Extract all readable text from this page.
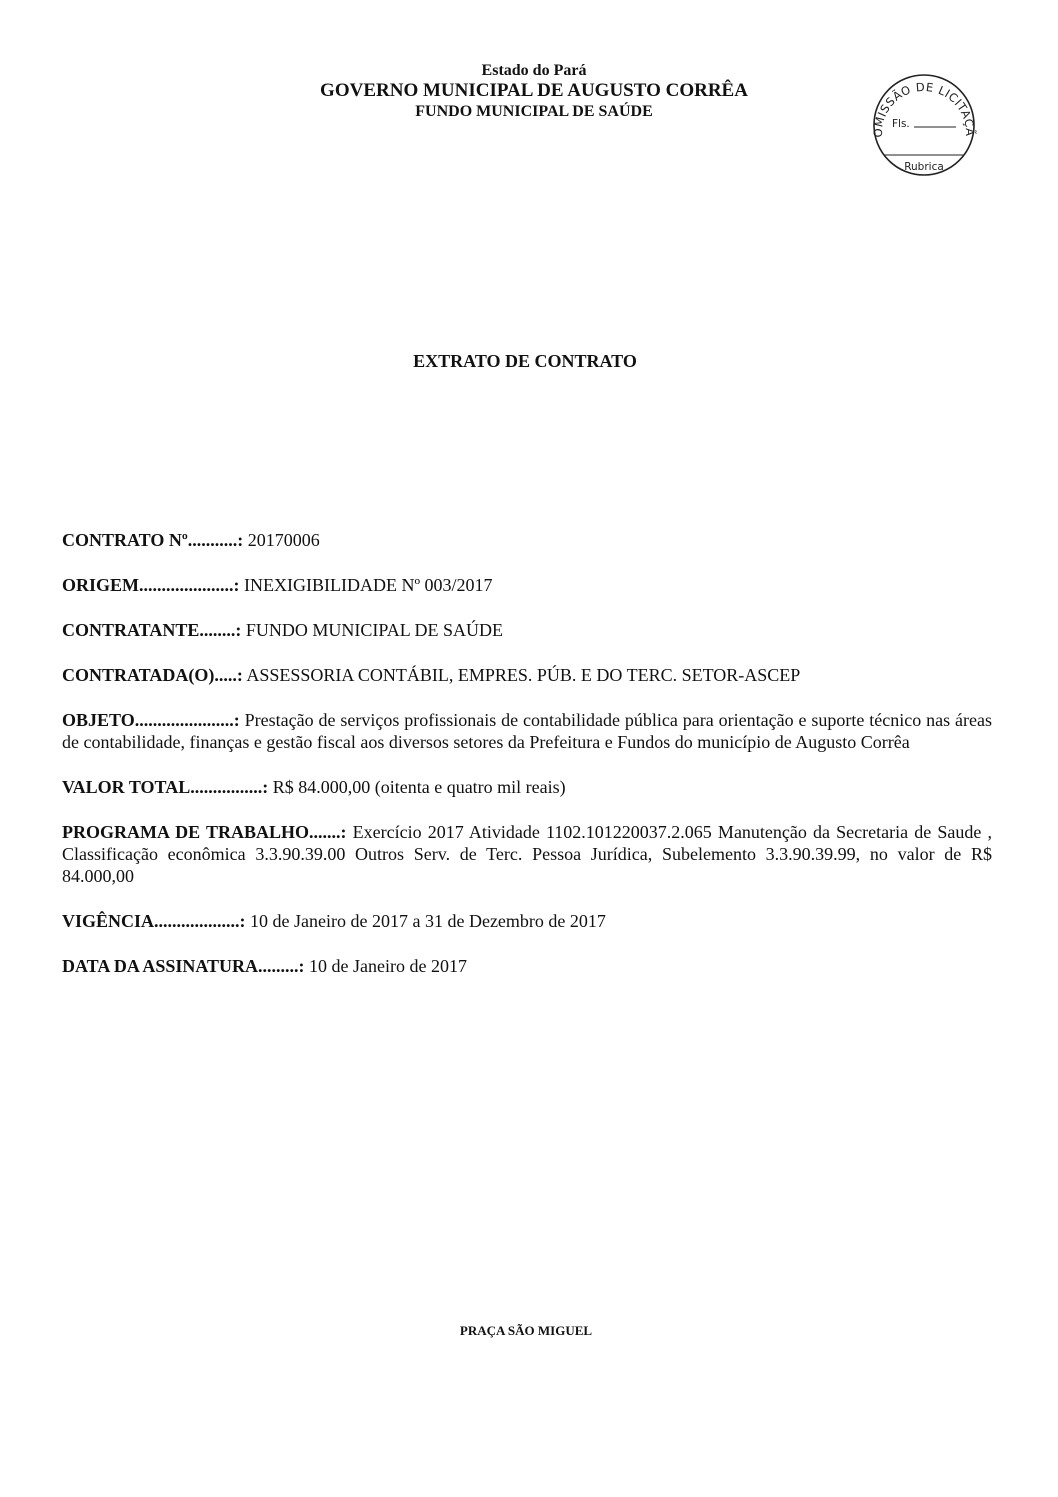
Estado do Pará
GOVERNO MUNICIPAL DE AUGUSTO CORRÊA
FUNDO MUNICIPAL DE SAÚDE
OMISSÃO DE LICITAÇÃ
Fls.
Rubrica
EXTRATO DE CONTRATO

CONTRATO Nº...........: 20170006

ORIGEM.....................: INEXIGIBILIDADE Nº 003/2017

CONTRATANTE........: FUNDO MUNICIPAL DE SAÚDE

CONTRATADA(O).....: ASSESSORIA CONTÁBIL, EMPRES. PÚB. E DO TERC. SETOR-ASCEP

OBJETO......................: Prestação de serviços profissionais de contabilidade pública para orientação e suporte técnico nas áreas de contabilidade, finanças e gestão fiscal aos diversos setores da Prefeitura e Fundos do município de Augusto Corrêa

VALOR TOTAL................: R$ 84.000,00 (oitenta e quatro mil reais)

PROGRAMA DE TRABALHO.......: Exercício 2017 Atividade 1102.101220037.2.065 Manutenção da Secretaria de Saude , Classificação econômica 3.3.90.39.00 Outros Serv. de Terc. Pessoa Jurídica, Subelemento 3.3.90.39.99, no valor de R$ 84.000,00

VIGÊNCIA...................: 10 de Janeiro de 2017 a 31 de Dezembro de 2017

DATA DA ASSINATURA.........: 10 de Janeiro de 2017

PRAÇA SÃO MIGUEL
